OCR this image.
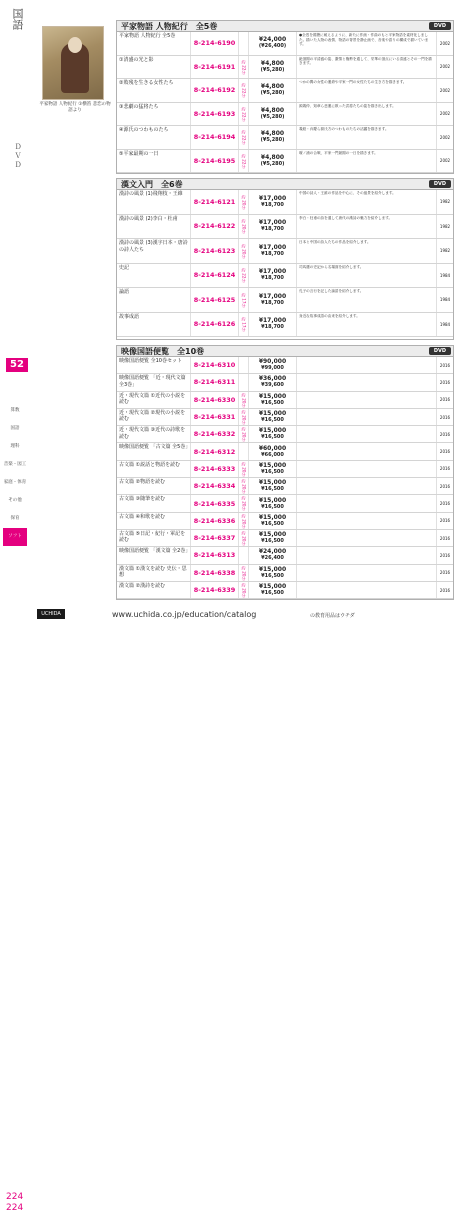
国語
ＤＶＤ
52
算数
国語
理科
音楽・図工
家庭・体育
その他
保育
ソフト
平家物語 人物紀行 ①横笛 悲恋の物語より
平家物語 人物紀行　全5巻	DVD
平家物語 人物紀行 全5巻
8-214-6190	¥24,000
(¥26,400)
●全巻を視聴に耐えるように、新たに作画・作曲のもと平家物語を素材化しました。描いた人物の表情、物語の背景を静止画で、音楽や語りの構成で描いています。	2002
①清盛の光と影
8-214-6191	約 22分	¥4,800
(¥5,280)
絶頂期の平清盛の姿、激情と権勢を通して、栄華の頂点にいる清盛とその一門を描きます。
2002
②敗残を生きる女性たち
8-214-6192	約 22分	¥4,800
(¥5,280)
つかの間の女性の運命や平家一門の女性たちの生き方を描きます。
2002
③悲劇の猛将たち
8-214-6193	約 22分	¥4,800
(¥5,280)
源義仲、知章ら悲運に散った武将たちの姿を描き出します。
2002
④源氏のつわものたち
8-214-6194	約 22分	¥4,800
(¥5,280)
義経・弁慶ら源氏方のつわものたちの活躍を描きます。
2002
⑤平家最期の一日
8-214-6195	約 22分	¥4,800
(¥5,280)
壇ノ浦の合戦、平家一門最期の一日を描きます。
2002
漢文入門　全6巻	DVD
漢詩の風景 (1)飛翔枝・王維
8-214-6121	約 20分	¥17,000
¥18,700
中国の詩人・王維の作品を中心に、その風景を紹介します。
1982
漢詩の風景 (2)李白・杜甫
8-214-6122	約 20分	¥17,000
¥18,700
李白・杜甫の詩を通して唐代の漢詩の魅力を紹介します。
1982
漢詩の風景 (3)漢字日本・唐詩の詩人たち	8-214-6123	約 20分	¥17,000
¥18,700
日本と中国の詩人たちの作品を紹介します。
1982
史記
8-214-6124	約 22分	¥17,000
¥18,700
司馬遷の史記から名場面を紹介します。
1984
論語
8-214-6125	約 17分	¥17,000
¥18,700
孔子の言行を記した論語を紹介します。
1984
故事成語
8-214-6126	約 17分	¥17,000
¥18,700
身近な故事成語の由来を紹介します。
1984
映像国語便覧　全10巻	DVD
映像国語便覧 全10巻セット
8-214-6310	¥90,000
¥99,000	2016
映像国語便覧 「近・現代文篇 全3巻」	8-214-6311	¥36,000
¥39,600	2016
近・現代文篇 ①近代の小説を読む	8-214-6330	約 20分	¥15,000
¥16,500	2016
近・現代文篇 ②現代の小説を読む	8-214-6331	約 20分	¥15,000
¥16,500	2016
近・現代文篇 ③近代の詩歌を読む	8-214-6332	約 20分	¥15,000
¥16,500	2016
映像国語便覧 「古文篇 全5巻」
8-214-6312	¥60,000
¥66,000	2016
古文篇 ①説話と物語を読む
8-214-6333	約 20分	¥15,000
¥16,500	2016
古文篇 ②物語を読む
8-214-6334	約 20分	¥15,000
¥16,500	2016
古文篇 ③随筆を読む
8-214-6335	約 20分	¥15,000
¥16,500	2016
古文篇 ④和歌を読む
8-214-6336	約 20分	¥15,000
¥16,500	2016
古文篇 ⑤日記・紀行・軍記を読む	8-214-6337	約 20分	¥15,000
¥16,500	2016
映像国語便覧 「漢文篇 全2巻」
8-214-6313	¥24,000
¥26,400	2016
漢文篇 ①漢文を読む 史伝・思想	8-214-6338	約 20分	¥15,000
¥16,500	2016
漢文篇 ②漢詩を読む
8-214-6339	約 20分	¥15,000
¥16,500	2016
224
224
UCHIDA	www.uchida.co.jp/education/catalog	の教育用品はウチダ
